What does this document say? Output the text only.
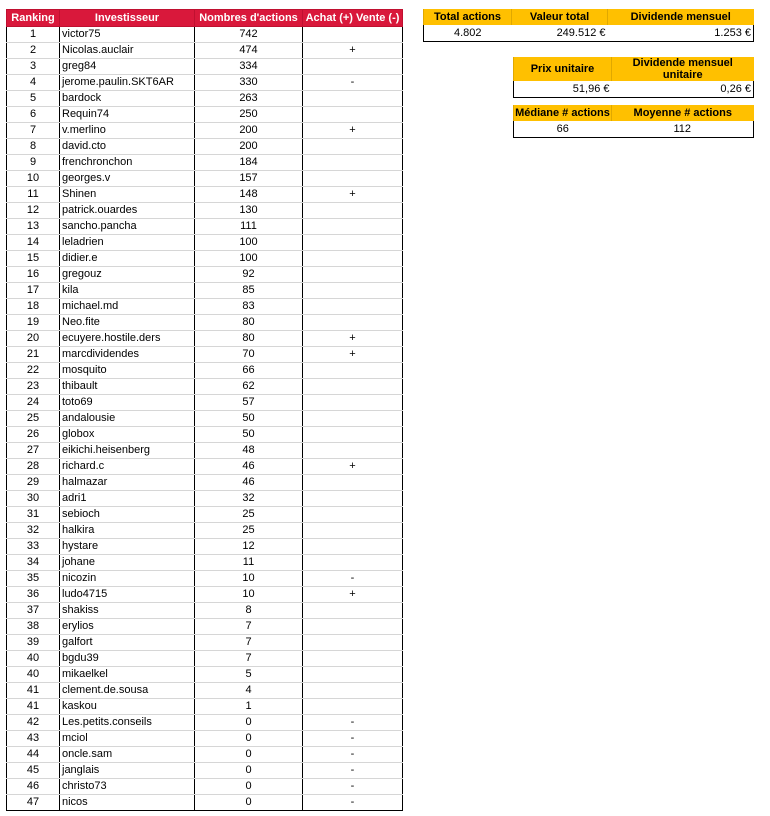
Ranking	Investisseur	Nombres d'actions	Achat (+) Vente (-)
1	victor75	742	
2	Nicolas.auclair	474	+
3	greg84	334	
4	jerome.paulin.SKT6AR	330	-
5	bardock	263	
6	Requin74	250	
7	v.merlino	200	+
8	david.cto	200	
9	frenchronchon	184	
10	georges.v	157	
11	Shinen	148	+
12	patrick.ouardes	130	
13	sancho.pancha	111	
14	leladrien	100	
15	didier.e	100	
16	gregouz	92	
17	kila	85	
18	michael.md	83	
19	Neo.fite	80	
20	ecuyere.hostile.ders	80	+
21	marcdividendes	70	+
22	mosquito	66	
23	thibault	62	
24	toto69	57	
25	andalousie	50	
26	globox	50	
27	eikichi.heisenberg	48	
28	richard.c	46	+
29	halmazar	46	
30	adri1	32	
31	sebioch	25	
32	halkira	25	
33	hystare	12	
34	johane	11	
35	nicozin	10	-
36	ludo4715	10	+
37	shakiss	8	
38	erylios	7	
39	galfort	7	
40	bgdu39	7	
40	mikaelkel	5	
41	clement.de.sousa	4	
41	kaskou	1	
42	Les.petits.conseils	0	-
43	mciol	0	-
44	oncle.sam	0	-
45	janglais	0	-
46	christo73	0	-
47	nicos	0	-
Total actions	Valeur total	Dividende mensuel
4.802	249.512 €	1.253 €
Prix unitaire	Dividende mensuel unitaire
51,96 €	0,26 €
Médiane # actions	Moyenne # actions
66	112
